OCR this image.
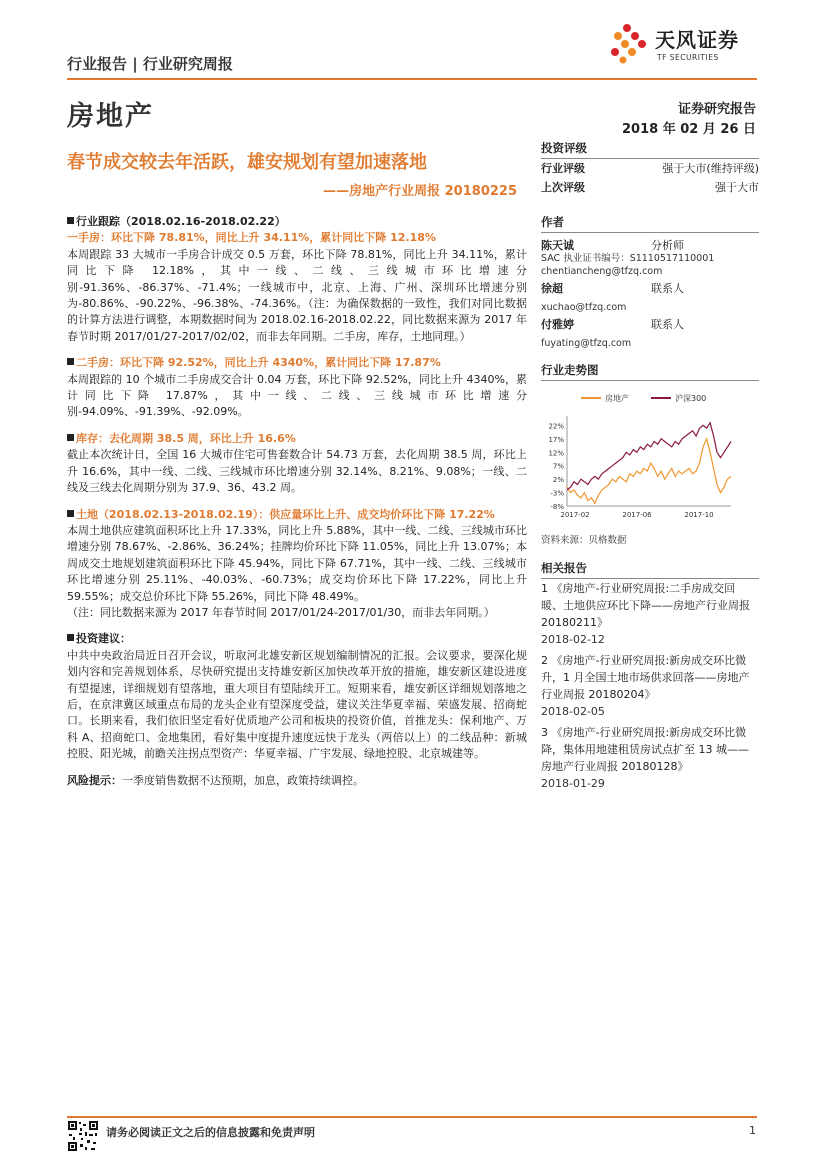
行业报告 | 行业研究周报
天风证券
TF SECURITIES
房地产	证券研究报告
2018 年 02 月 26 日
春节成交较去年活跃，雄安规划有望加速落地
——房地产行业周报 20180225

行业跟踪（2018.02.16-2018.02.22）

一手房：环比下降 78.81%，同比上升 34.11%，累计同比下降 12.18%

本周跟踪 33 大城市一手房合计成交 0.5 万套，环比下降 78.81%，同比上升 34.11%，累计同比下降 12.18%，其中一线、二线、三线城市环比增速分别-91.36%、-86.37%、-71.4%；一线城市中，北京、上海、广州、深圳环比增速分别为-80.86%、-90.22%、-96.38%、-74.36%。（注：为确保数据的一致性，我们对同比数据的计算方法进行调整，本期数据时间为 2018.02.16-2018.02.22，同比数据来源为 2017 年春节时期 2017/01/27-2017/02/02，而非去年同期。二手房，库存，土地同理。）

二手房：环比下降 92.52%，同比上升 4340%，累计同比下降 17.87%

本周跟踪的 10 个城市二手房成交合计 0.04 万套，环比下降 92.52%，同比上升 4340%，累计同比下降 17.87%，其中一线、二线、三线城市环比增速分别-94.09%、-91.39%、-92.09%。

库存：去化周期 38.5 周，环比上升 16.6%

截止本次统计日，全国 16 大城市住宅可售套数合计 54.73 万套，去化周期 38.5 周，环比上升 16.6%，其中一线、二线、三线城市环比增速分别 32.14%、8.21%、9.08%；一线、二线及三线去化周期分别为 37.9、36、43.2 周。

土地（2018.02.13-2018.02.19）：供应量环比上升、成交均价环比下降 17.22%

本周土地供应建筑面积环比上升 17.33%，同比上升 5.88%，其中一线、二线、三线城市环比增速分别 78.67%、-2.86%、36.24%；挂牌均价环比下降 11.05%，同比上升 13.07%；本周成交土地规划建筑面积环比下降 45.94%，同比下降 67.71%，其中一线、二线、三线城市环比增速分别 25.11%、-40.03%、-60.73%；成交均价环比下降 17.22%，同比上升 59.55%；成交总价环比下降 55.26%，同比下降 48.49%。

（注：同比数据来源为 2017 年春节时间 2017/01/24-2017/01/30，而非去年同期。）

投资建议：

中共中央政治局近日召开会议，听取河北雄安新区规划编制情况的汇报。会议要求，要深化规划内容和完善规划体系，尽快研究提出支持雄安新区加快改革开放的措施，雄安新区建设进度有望提速，详细规划有望落地，重大项目有望陆续开工。短期来看，雄安新区详细规划落地之后，在京津冀区域重点布局的龙头企业有望深度受益，建议关注华夏幸福、荣盛发展、招商蛇口。长期来看，我们依旧坚定看好优质地产公司和板块的投资价值，首推龙头：保利地产、万科 A、招商蛇口、金地集团，看好集中度提升速度远快于龙头（两倍以上）的二线品种：新城控股、阳光城，前瞻关注拐点型资产：华夏幸福、广宇发展、绿地控股、北京城建等。

风险提示：一季度销售数据不达预期，加息，政策持续调控。

投资评级
行业评级	强于大市(维持评级)
上次评级	强于大市
作者
陈天诚	分析师
SAC 执业证书编号：S1110517110001
chentiancheng@tfzq.com
徐超	联系人
xuchao@tfzq.com
付雅婷	联系人
fuyating@tfzq.com
行业走势图
22%
17%
12%
7%
2%
-3%
-8%
2017-02	2017-06	2017-10
房地产	沪深300
资料来源：贝格数据
相关报告

1 《房地产-行业研究周报:二手房成交回暖、土地供应环比下降——房地产行业周报 20180211》

2018-02-12

2 《房地产-行业研究周报:新房成交环比微升，1 月全国土地市场供求回落——房地产行业周报 20180204》

2018-02-05

3 《房地产-行业研究周报:新房成交环比微降，集体用地建租赁房试点扩至 13 城——房地产行业周报 20180128》

2018-01-29

请务必阅读正文之后的信息披露和免责声明	1
